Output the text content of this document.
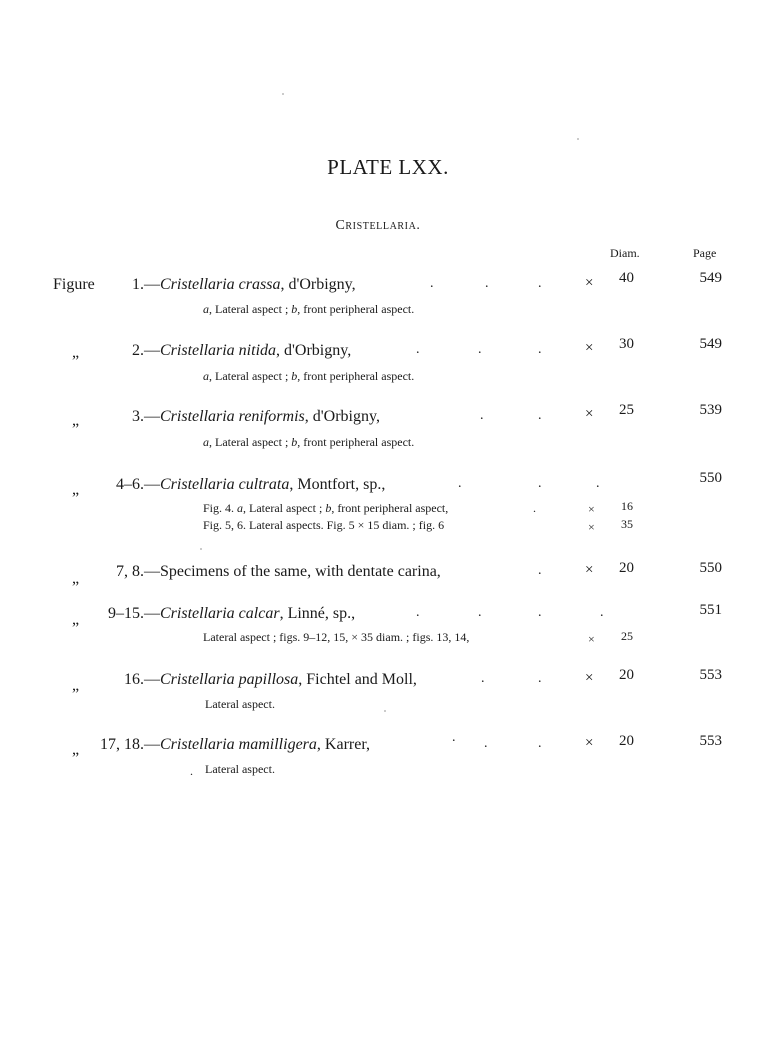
PLATE LXX.
Cristellaria.
Diam.	Page
Figure	1.— Cristellaria crassa, d'Orbigny,	.	.	.	× 40	549
a, Lateral aspect ; b, front peripheral aspect.
„	2.— Cristellaria nitida, d'Orbigny,	.	.	.	× 30	549
a, Lateral aspect ; b, front peripheral aspect.
„	3.— Cristellaria reniformis, d'Orbigny,	.	.	× 25	539
a, Lateral aspect ; b, front peripheral aspect.
„	4–6.— Cristellaria cultrata, Montfort, sp.,	.	.	.	550
Fig. 4. a, Lateral aspect ; b, front peripheral aspect,	.	× 16
Fig. 5, 6. Lateral aspects. Fig. 5 × 15 diam. ; fig. 6	× 35
„	7, 8.— Specimens of the same, with dentate carina,	.	× 20	550
„	9–15.— Cristellaria calcar, Linné, sp.,	.	.	.	.	551
Lateral aspect ; figs. 9–12, 15, × 35 diam. ; figs. 13, 14,	× 25
„	16.— Cristellaria papillosa, Fichtel and Moll,	.	.	× 20	553
Lateral aspect.
„	17, 18.— Cristellaria mamilligera, Karrer,	. .	.	× 20	553
. Lateral aspect.
